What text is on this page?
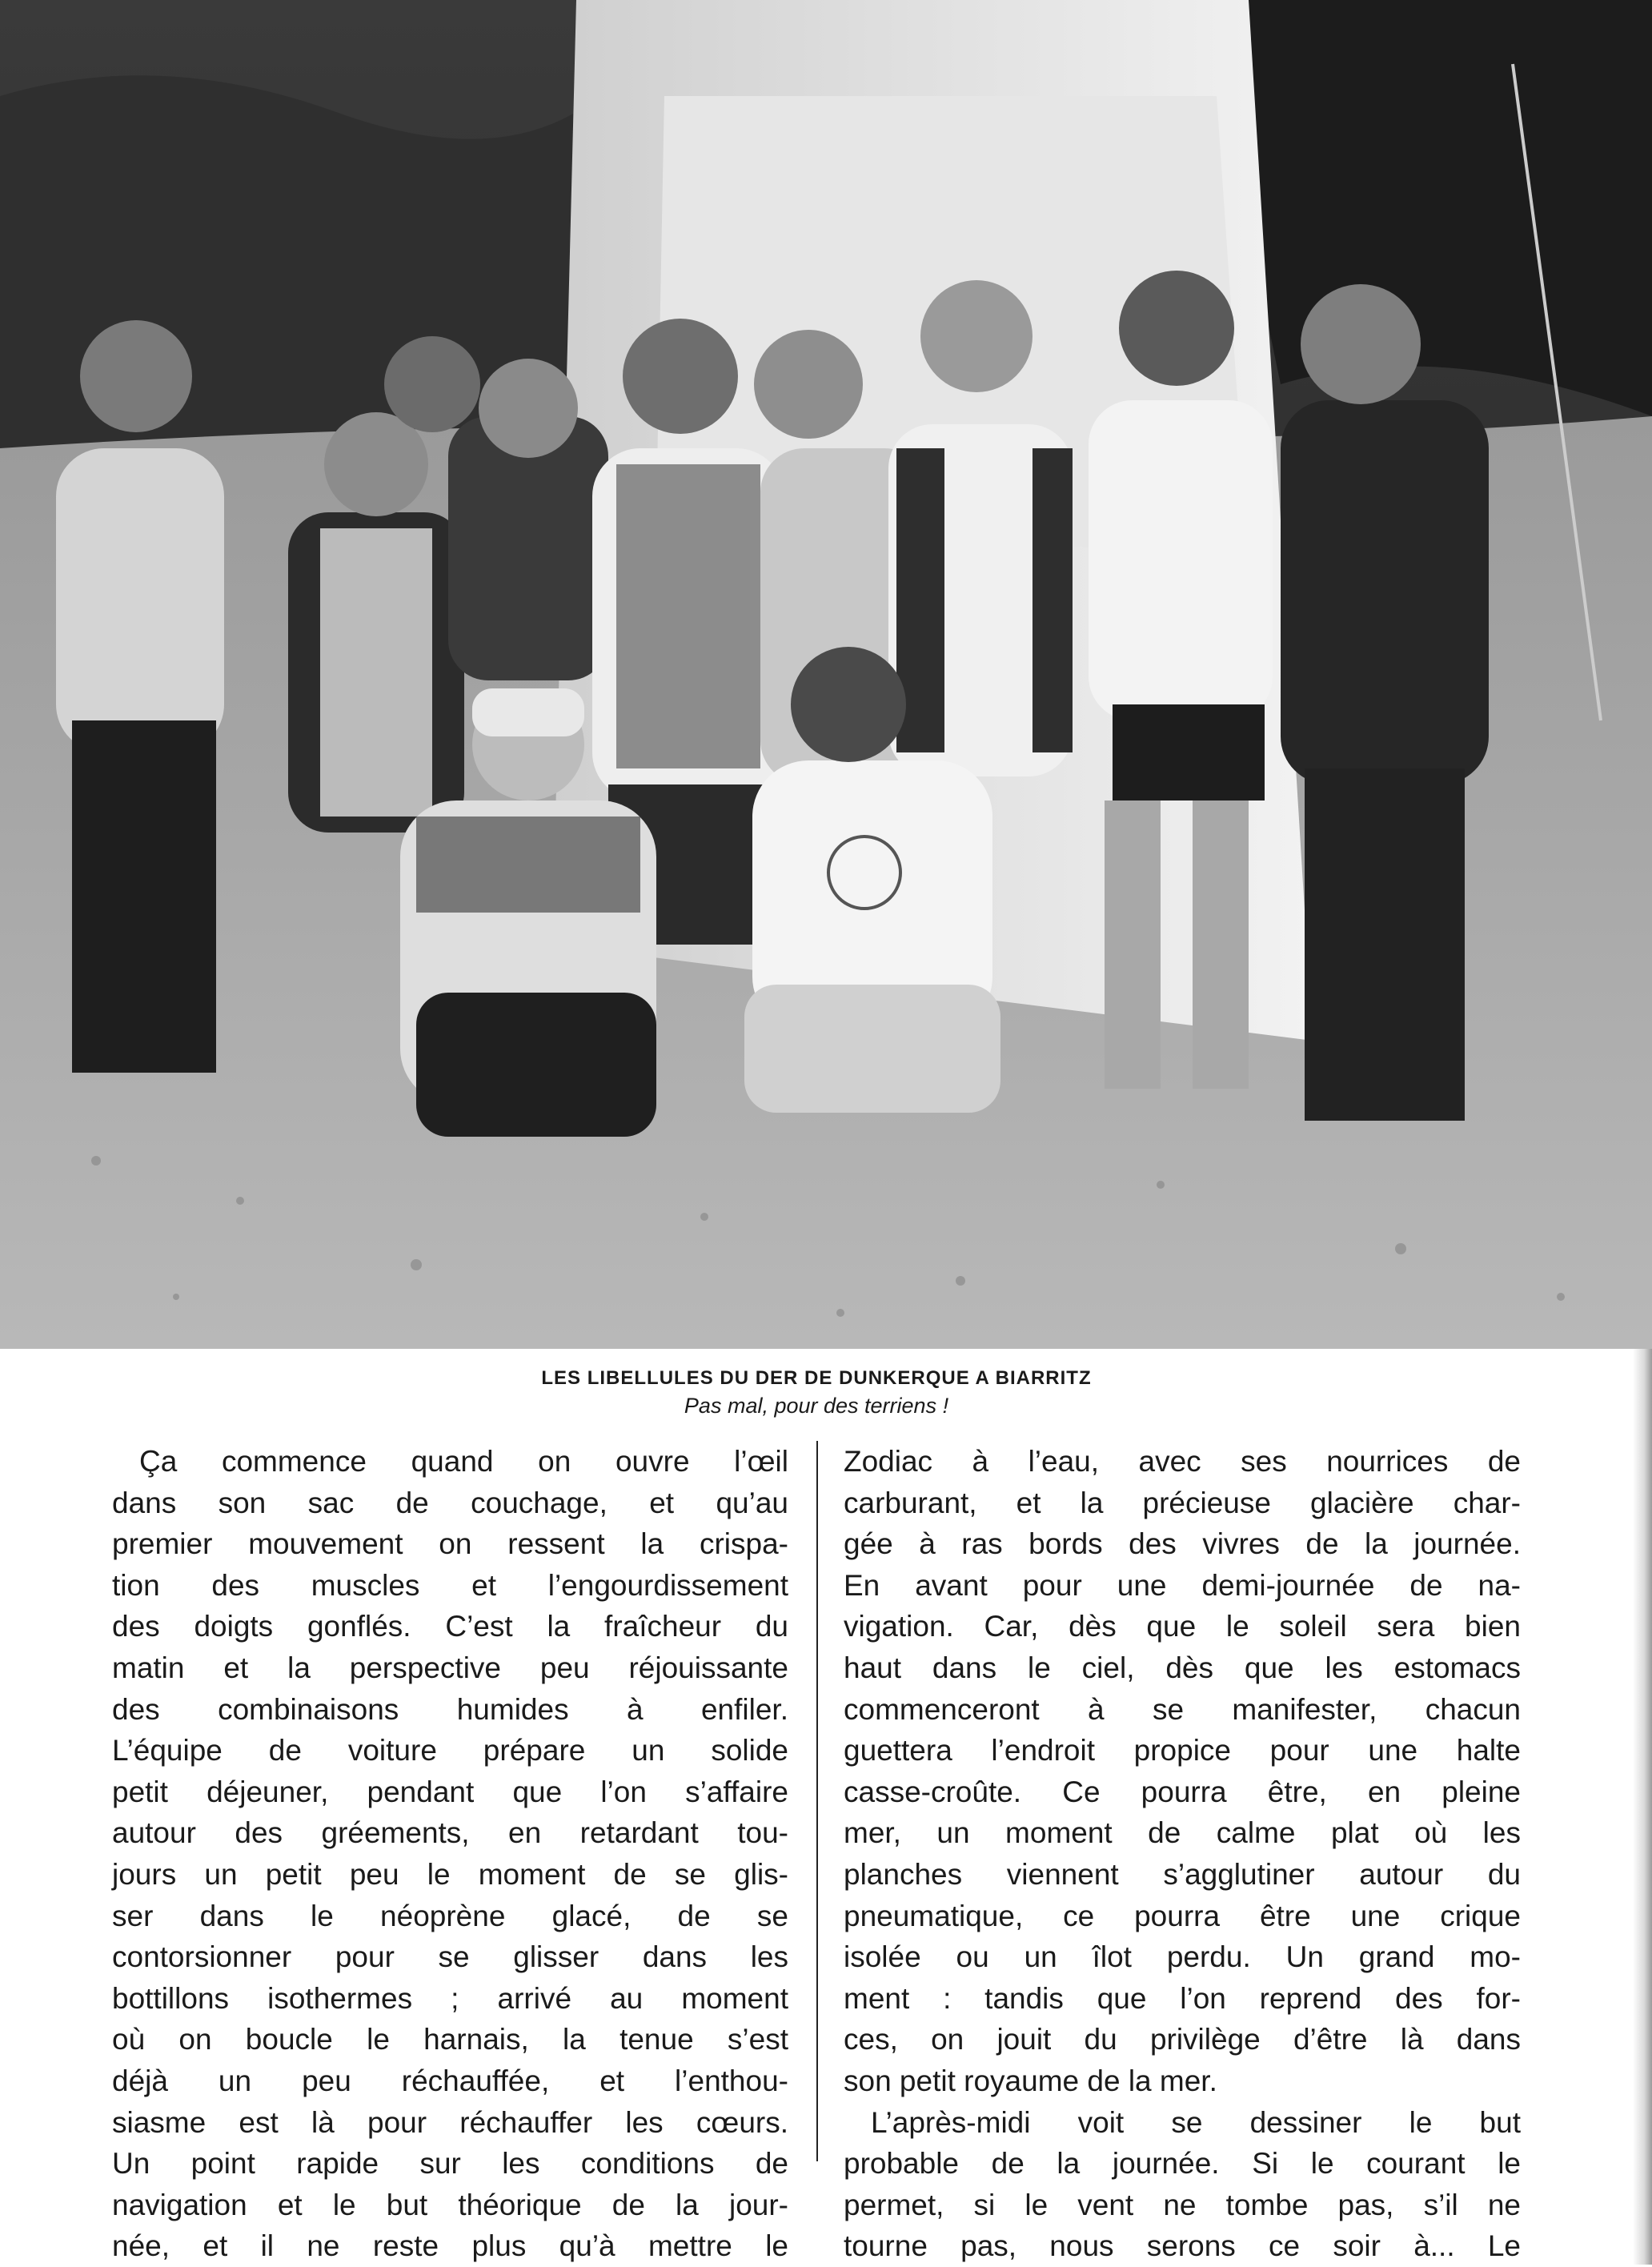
LES LIBELLULES DU DER DE DUNKERQUE A BIARRITZ
Pas mal, pour des terriens !
Ça commence quand on ouvre l’œil
dans son sac de couchage, et qu’au
premier mouvement on ressent la crispa-
tion des muscles et l’engourdissement
des doigts gonflés. C’est la fraîcheur du
matin et la perspective peu réjouissante
des combinaisons humides à enfiler.
L’équipe de voiture prépare un solide
petit déjeuner, pendant que l’on s’affaire
autour des gréements, en retardant tou-
jours un petit peu le moment de se glis-
ser dans le néoprène glacé, de se
contorsionner pour se glisser dans les
bottillons isothermes ; arrivé au moment
où on boucle le harnais, la tenue s’est
déjà un peu réchauffée, et l’enthou-
siasme est là pour réchauffer les cœurs.
Un point rapide sur les conditions de
navigation et le but théorique de la jour-
née, et il ne reste plus qu’à mettre le
Zodiac à l’eau, avec ses nourrices de
carburant, et la précieuse glacière char-
gée à ras bords des vivres de la journée.
En avant pour une demi-journée de na-
vigation. Car, dès que le soleil sera bien
haut dans le ciel, dès que les estomacs
commenceront à se manifester, chacun
guettera l’endroit propice pour une halte
casse-croûte. Ce pourra être, en pleine
mer, un moment de calme plat où les
planches viennent s’agglutiner autour du
pneumatique, ce pourra être une crique
isolée ou un îlot perdu. Un grand mo-
ment : tandis que l’on reprend des for-
ces, on jouit du privilège d’être là dans
son petit royaume de la mer.
L’après-midi voit se dessiner le but
probable de la journée. Si le courant le
permet, si le vent ne tombe pas, s’il ne
tourne pas, nous serons ce soir à... Le
